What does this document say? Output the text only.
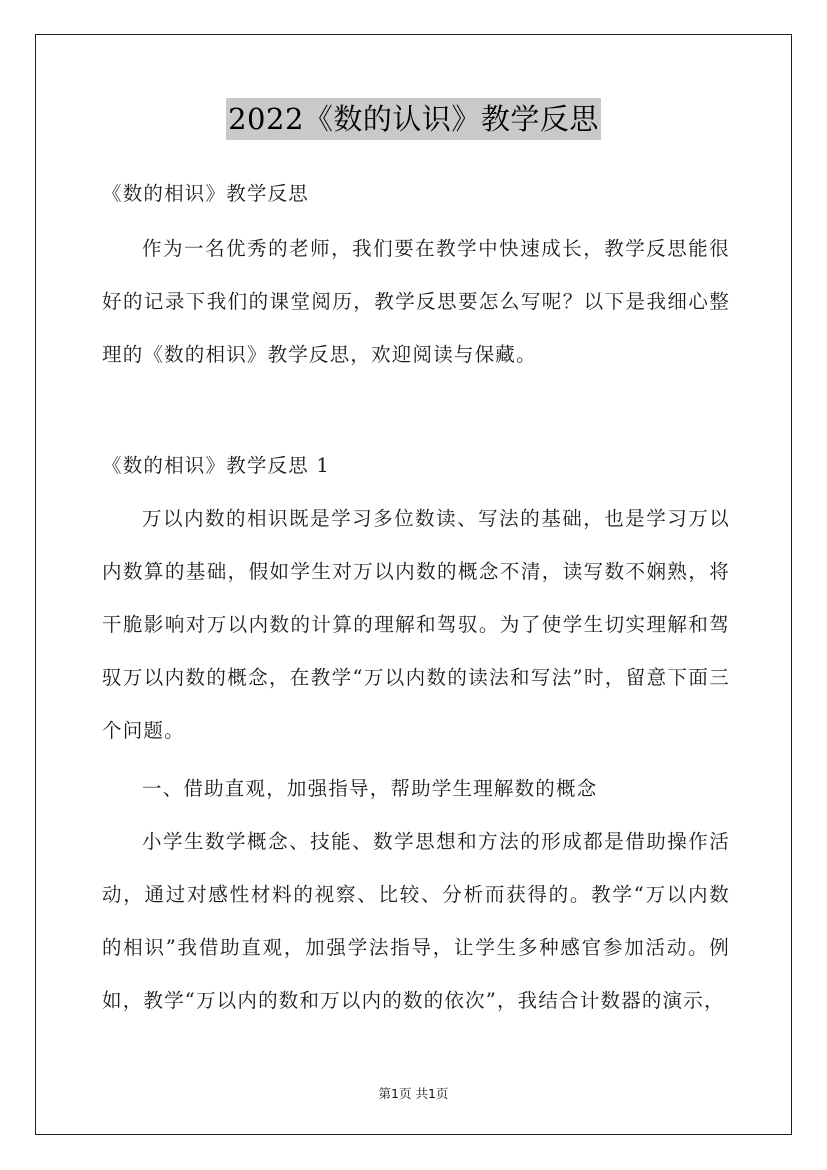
2022《数的认识》教学反思

《数的相识》教学反思

作为一名优秀的老师，我们要在教学中快速成长，教学反思能很好的记录下我们的课堂阅历，教学反思要怎么写呢？以下是我细心整理的《数的相识》教学反思，欢迎阅读与保藏。

《数的相识》教学反思 1

万以内数的相识既是学习多位数读、写法的基础，也是学习万以内数算的基础，假如学生对万以内数的概念不清，读写数不娴熟，将干脆影响对万以内数的计算的理解和驾驭。为了使学生切实理解和驾驭万以内数的概念，在教学“万以内数的读法和写法”时，留意下面三个问题。

一、借助直观，加强指导，帮助学生理解数的概念

小学生数学概念、技能、数学思想和方法的形成都是借助操作活动，通过对感性材料的视察、比较、分析而获得的。教学“万以内数的相识”我借助直观，加强学法指导，让学生多种感官参加活动。例如，教学“万以内的数和万以内的数的依次”，我结合计数器的演示，

第1页 共1页
